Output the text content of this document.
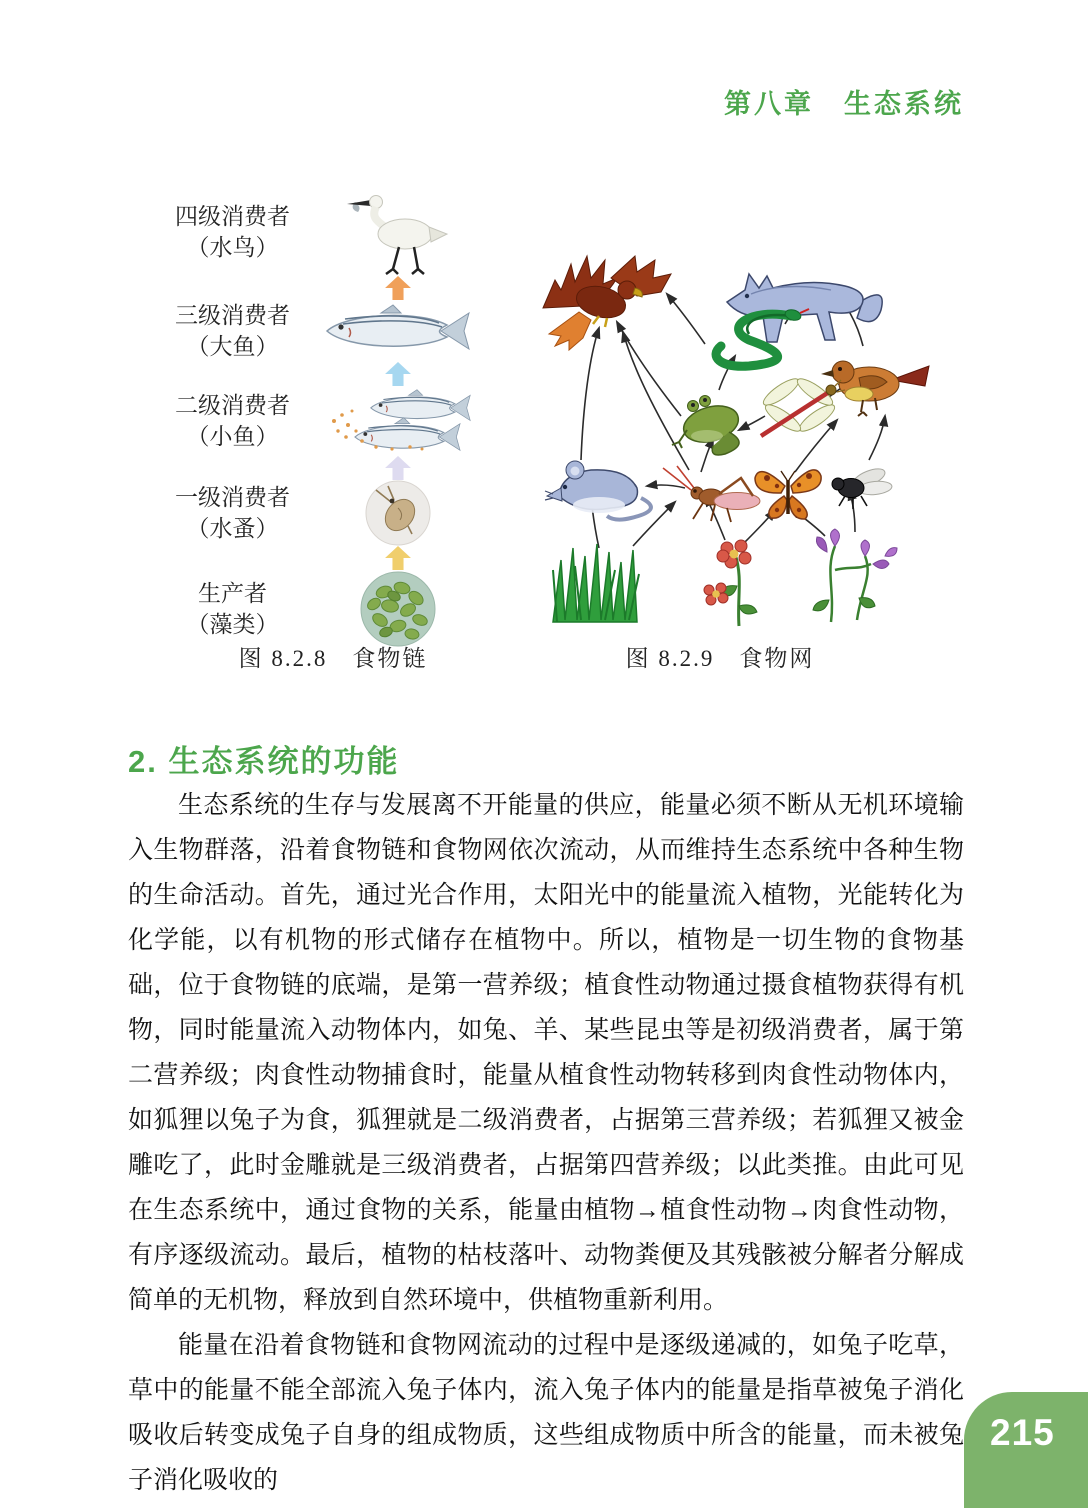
第八章　生态系统
四级消费者
（水鸟）
三级消费者
（大鱼）
二级消费者
（小鱼）
一级消费者
（水蚤）
生产者
（藻类）
图 8.2.8　食物链	图 8.2.9　食物网
2. 生态系统的功能

生态系统的生存与发展离不开能量的供应，能量必须不断从无机环境输入生物群落，沿着食物链和食物网依次流动，从而维持生态系统中各种生物的生命活动。首先，通过光合作用，太阳光中的能量流入植物，光能转化为化学能，以有机物的形式储存在植物中。所以，植物是一切生物的食物基础，位于食物链的底端，是第一营养级；植食性动物通过摄食植物获得有机物，同时能量流入动物体内，如兔、羊、某些昆虫等是初级消费者，属于第二营养级；肉食性动物捕食时，能量从植食性动物转移到肉食性动物体内，如狐狸以兔子为食，狐狸就是二级消费者，占据第三营养级；若狐狸又被金雕吃了，此时金雕就是三级消费者，占据第四营养级；以此类推。由此可见在生态系统中，通过食物的关系，能量由植物→植食性动物→肉食性动物，有序逐级流动。最后，植物的枯枝落叶、动物粪便及其残骸被分解者分解成简单的无机物，释放到自然环境中，供植物重新利用。

能量在沿着食物链和食物网流动的过程中是逐级递减的，如兔子吃草，草中的能量不能全部流入兔子体内，流入兔子体内的能量是指草被兔子消化吸收后转变成兔子自身的组成物质，这些组成物质中所含的能量，而未被兔子消化吸收的

215
